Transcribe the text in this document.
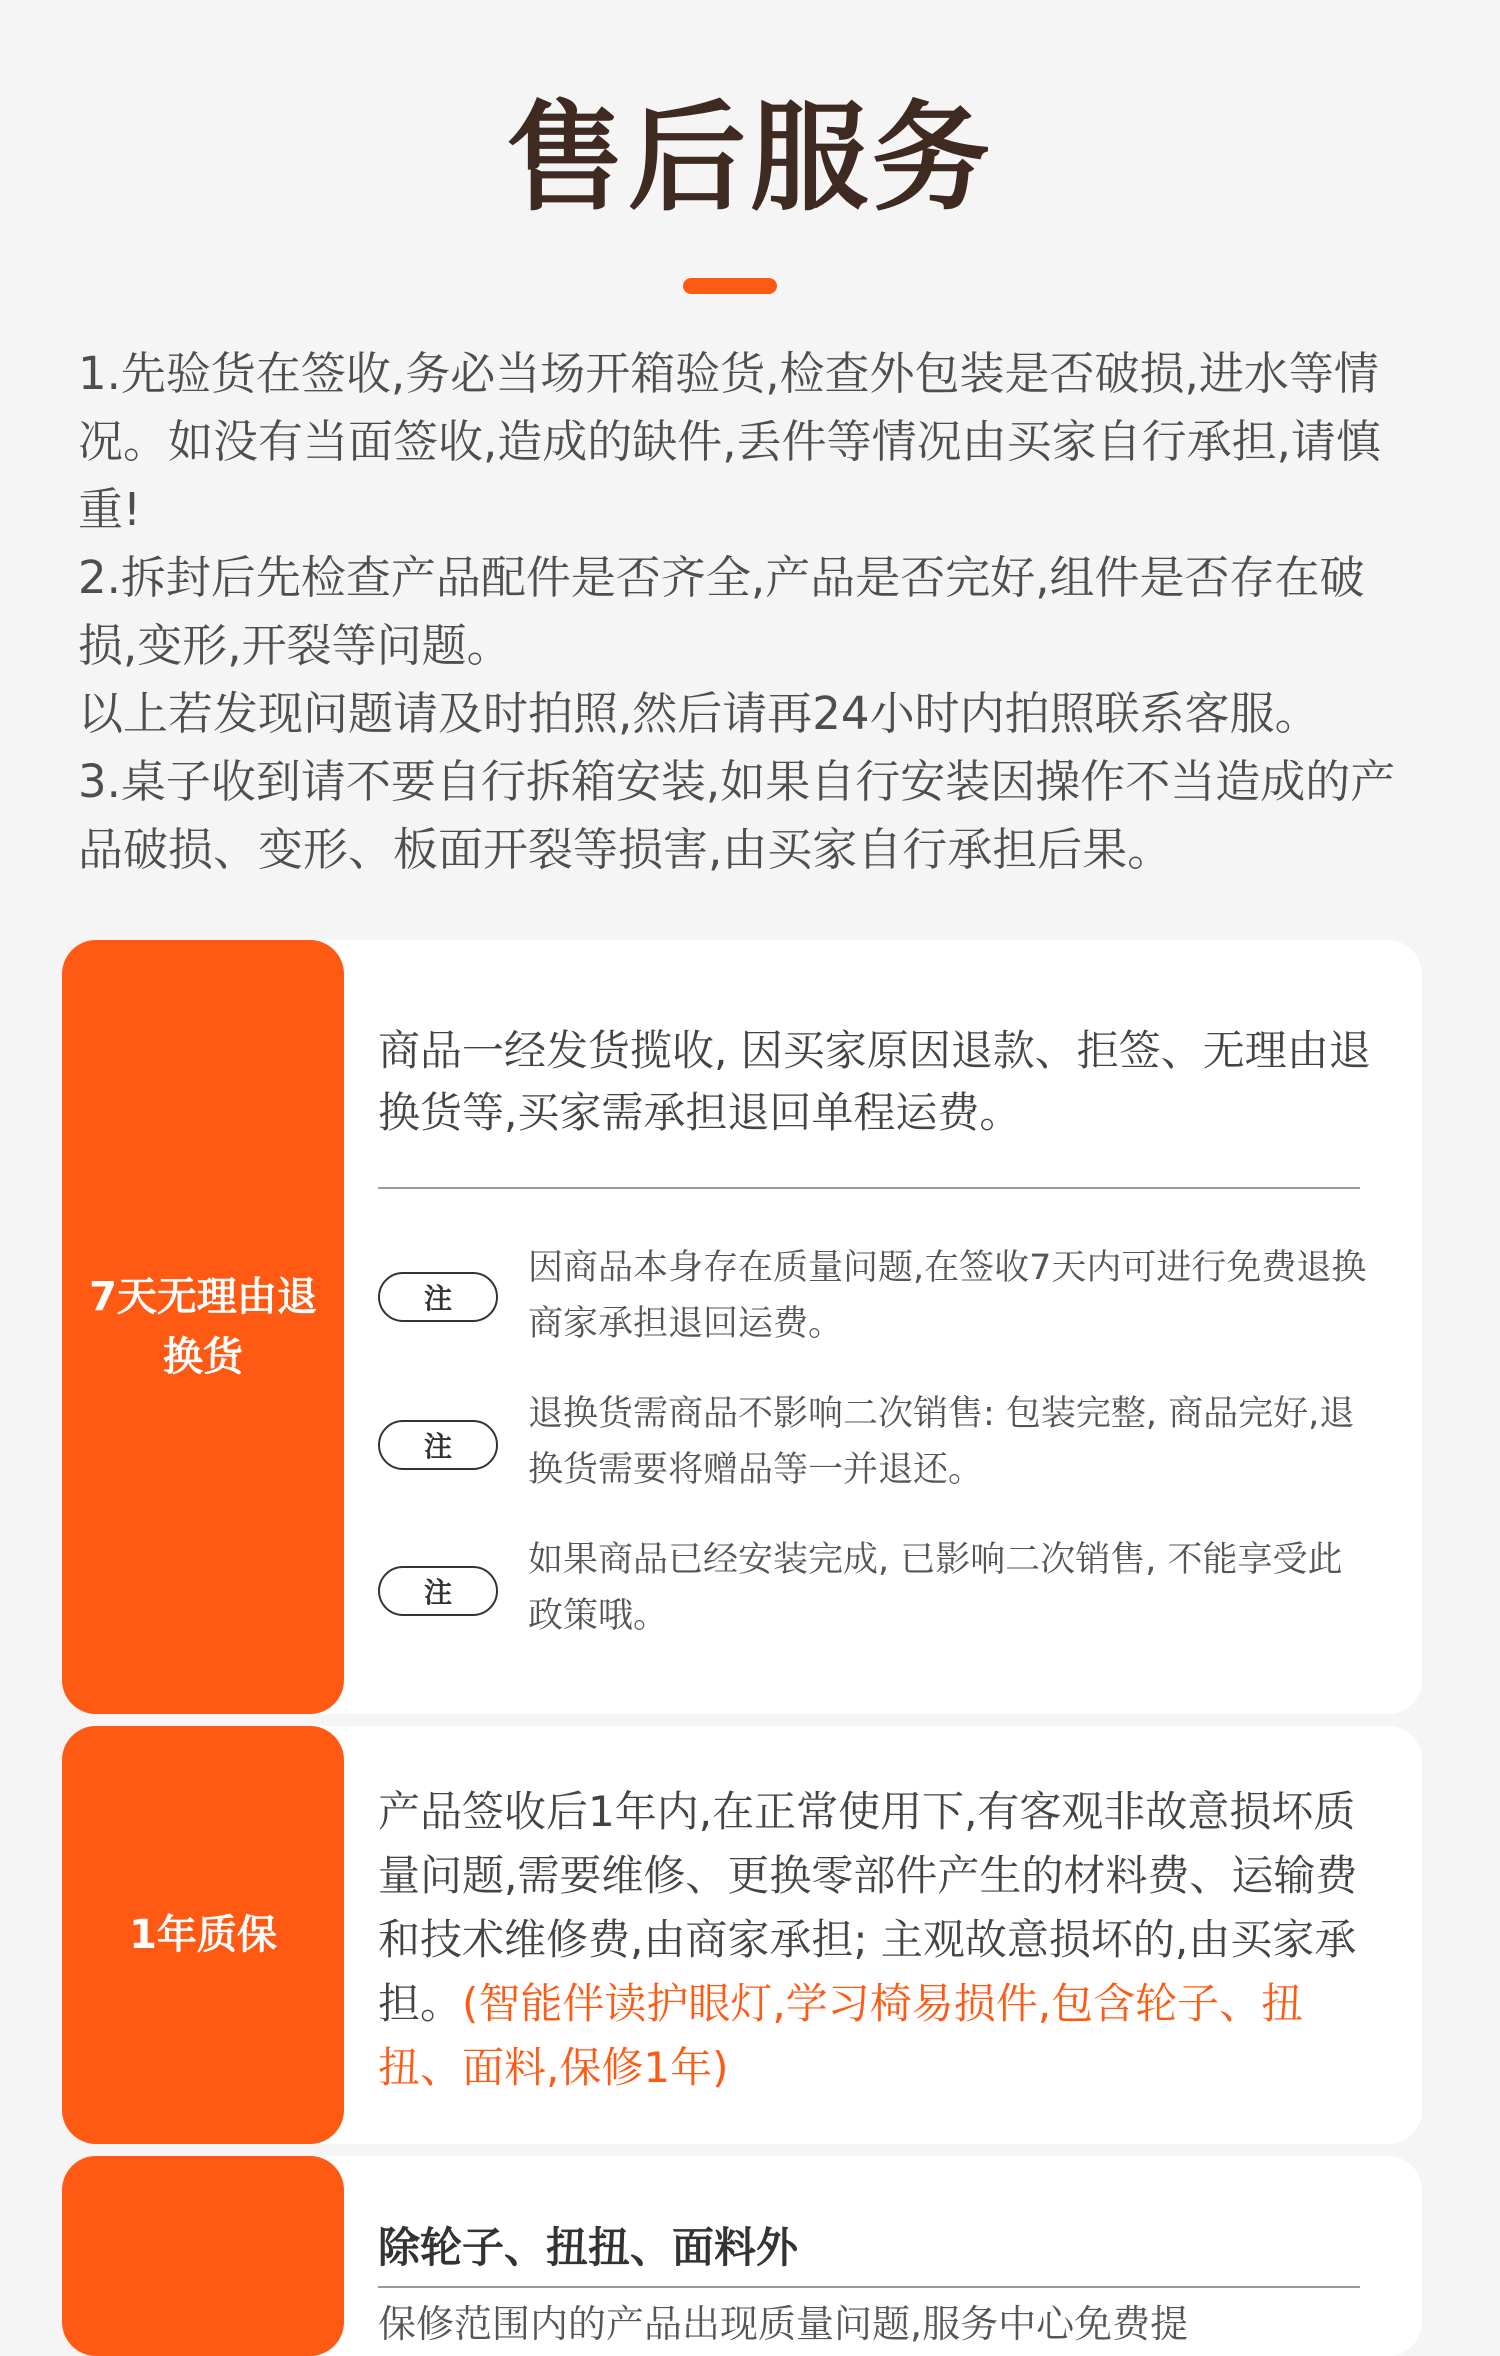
售后服务

1.先验货在签收,务必当场开箱验货,检查外包装是否破损,进水等情况。如没有当面签收,造成的缺件,丢件等情况由买家自行承担,请慎重!

2.拆封后先检查产品配件是否齐全,产品是否完好,组件是否存在破损,变形,开裂等问题。

以上若发现问题请及时拍照,然后请再24小时内拍照联系客服。

3.桌子收到请不要自行拆箱安装,如果自行安装因操作不当造成的产品破损、变形、板面开裂等损害,由买家自行承担后果。

7天无理由退换货
商品一经发货揽收, 因买家原因退款、拒签、无理由退换货等,买家需承担退回单程运费。
注
因商品本身存在质量问题,在签收7天内可进行免费退换商家承担退回运费。
注
退换货需商品不影响二次销售: 包装完整, 商品完好,退换货需要将赠品等一并退还。
注
如果商品已经安装完成, 已影响二次销售, 不能享受此政策哦。
1年质保
产品签收后1年内,在正常使用下,有客观非故意损坏质量问题,需要维修、更换零部件产生的材料费、运输费和技术维修费,由商家承担; 主观故意损坏的,由买家承担。(智能伴读护眼灯,学习椅易损件,包含轮子、扭扭、面料,保修1年)
除轮子、扭扭、面料外
保修范围内的产品出现质量问题,服务中心免费提
